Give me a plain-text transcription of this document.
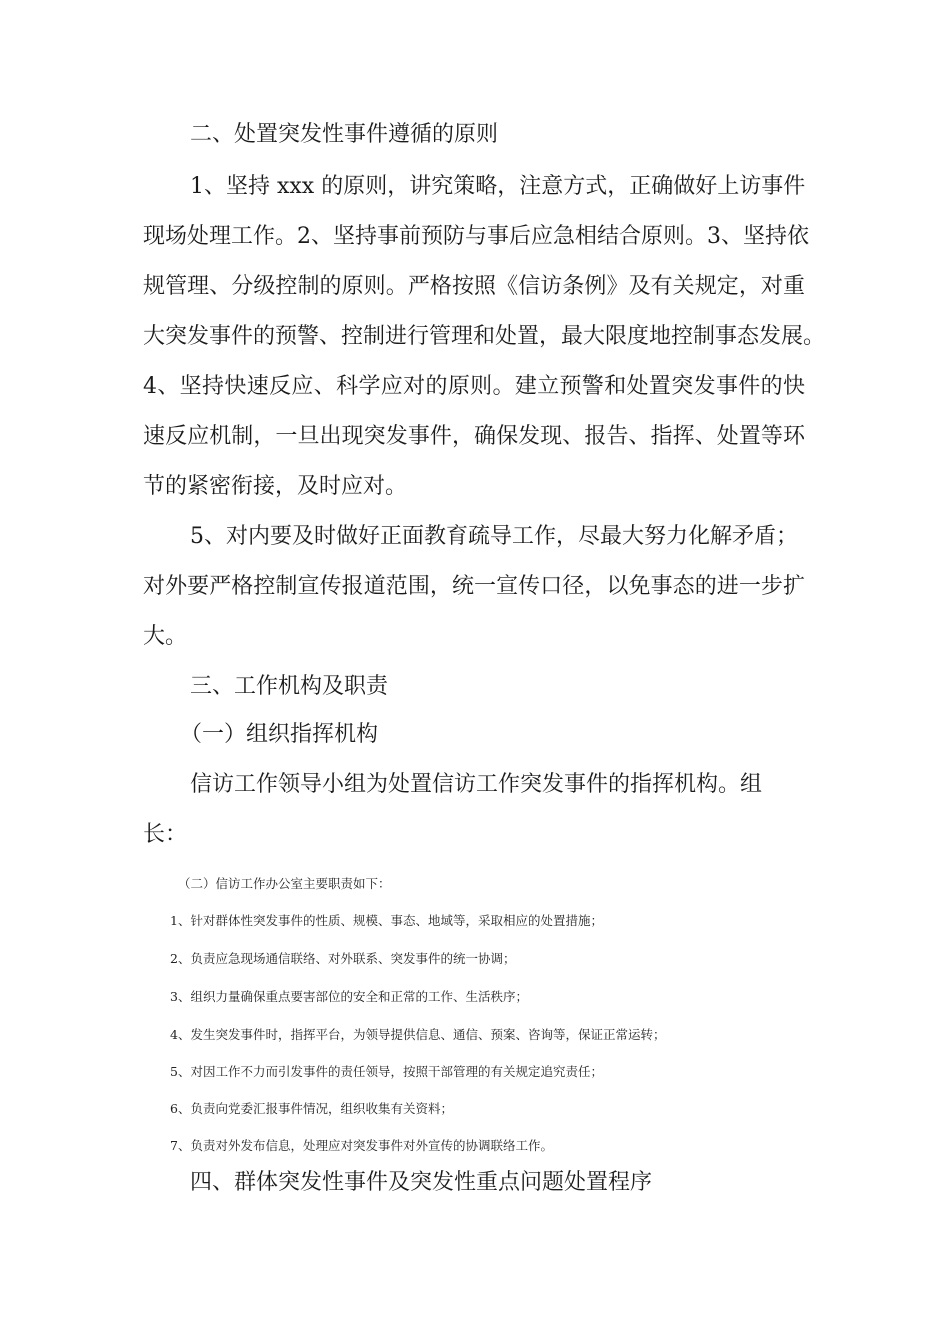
二、处置突发性事件遵循的原则
1、坚持 xxx 的原则，讲究策略，注意方式，正确做好上访事件
现场处理工作。2、坚持事前预防与事后应急相结合原则。3、坚持依
规管理、分级控制的原则。严格按照《信访条例》及有关规定，对重
大突发事件的预警、控制进行管理和处置，最大限度地控制事态发展。
4、坚持快速反应、科学应对的原则。建立预警和处置突发事件的快
速反应机制，一旦出现突发事件，确保发现、报告、指挥、处置等环
节的紧密衔接，及时应对。
5、对内要及时做好正面教育疏导工作，尽最大努力化解矛盾；
对外要严格控制宣传报道范围，统一宣传口径，以免事态的进一步扩
大。
三、工作机构及职责
（一）组织指挥机构
信访工作领导小组为处置信访工作突发事件的指挥机构。组
长：
（二）信访工作办公室主要职责如下：
1、针对群体性突发事件的性质、规模、事态、地域等，采取相应的处置措施；
2、负责应急现场通信联络、对外联系、突发事件的统一协调；
3、组织力量确保重点要害部位的安全和正常的工作、生活秩序；
4、发生突发事件时，指挥平台，为领导提供信息、通信、预案、咨询等，保证正常运转；
5、对因工作不力而引发事件的责任领导，按照干部管理的有关规定追究责任；
6、负责向党委汇报事件情况，组织收集有关资料；
7、负责对外发布信息，处理应对突发事件对外宣传的协调联络工作。
四、群体突发性事件及突发性重点问题处置程序
